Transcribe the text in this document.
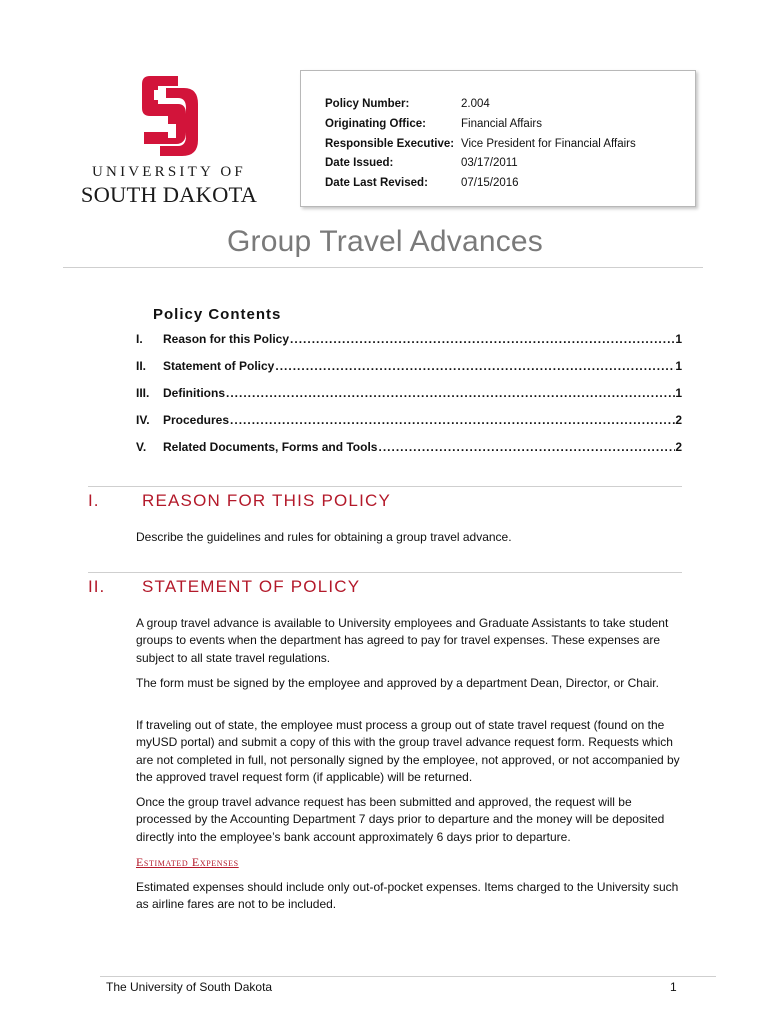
UNIVERSITY OF
SOUTH DAKOTA
Policy Number:	2.004
Originating Office:	Financial Affairs
Responsible Executive: Vice President for Financial Affairs
Date Issued:	03/17/2011
Date Last Revised:	07/15/2016
Group Travel Advances
Policy Contents
I.	Reason for this Policy .....	1
II.	Statement of Policy .....	1
III.	Definitions .....	1
IV.	Procedures .....	2
V.	Related Documents, Forms and Tools .....	2
I.	REASON FOR THIS POLICY
Describe the guidelines and rules for obtaining a group travel advance.
II. STATEMENT OF POLICY
A group travel advance is available to University employees and Graduate Assistants to take student groups to events when the department has agreed to pay for travel expenses. These expenses are subject to all state travel regulations.
The form must be signed by the employee and approved by a department Dean, Director, or Chair.
If traveling out of state, the employee must process a group out of state travel request (found on the myUSD portal) and submit a copy of this with the group travel advance request form. Requests which are not completed in full, not personally signed by the employee, not approved, or not accompanied by the approved travel request form (if applicable) will be returned.
Once the group travel advance request has been submitted and approved, the request will be processed by the Accounting Department 7 days prior to departure and the money will be deposited directly into the employee’s bank account approximately 6 days prior to departure.
Estimated Expenses
Estimated expenses should include only out-of-pocket expenses. Items charged to the University such as airline fares are not to be included.
The University of South Dakota	1
